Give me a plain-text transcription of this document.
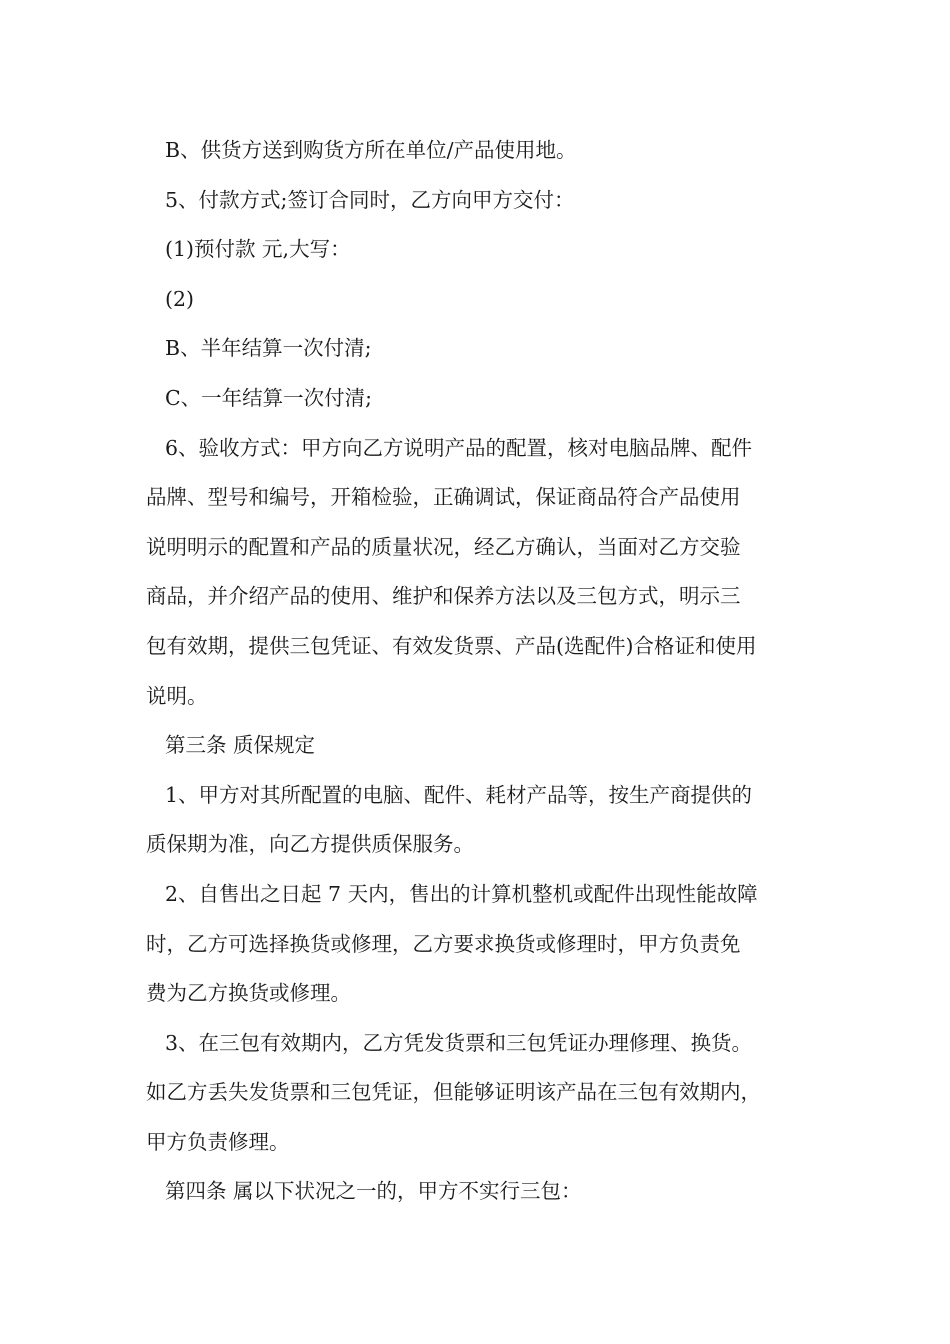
B、供货方送到购货方所在单位/产品使用地。
5、付款方式;签订合同时，乙方向甲方交付：
(1)预付款 元,大写：
(2)
B、半年结算一次付清;
C、一年结算一次付清;
6、验收方式：甲方向乙方说明产品的配置，核对电脑品牌、配件
品牌、型号和编号，开箱检验，正确调试，保证商品符合产品使用
说明明示的配置和产品的质量状况，经乙方确认，当面对乙方交验
商品，并介绍产品的使用、维护和保养方法以及三包方式，明示三
包有效期，提供三包凭证、有效发货票、产品(选配件)合格证和使用
说明。
第三条 质保规定
1、甲方对其所配置的电脑、配件、耗材产品等，按生产商提供的
质保期为准，向乙方提供质保服务。
2、自售出之日起 7 天内，售出的计算机整机或配件出现性能故障
时，乙方可选择换货或修理，乙方要求换货或修理时，甲方负责免
费为乙方换货或修理。
3、在三包有效期内，乙方凭发货票和三包凭证办理修理、换货。
如乙方丢失发货票和三包凭证，但能够证明该产品在三包有效期内，
甲方负责修理。
第四条 属以下状况之一的，甲方不实行三包：
